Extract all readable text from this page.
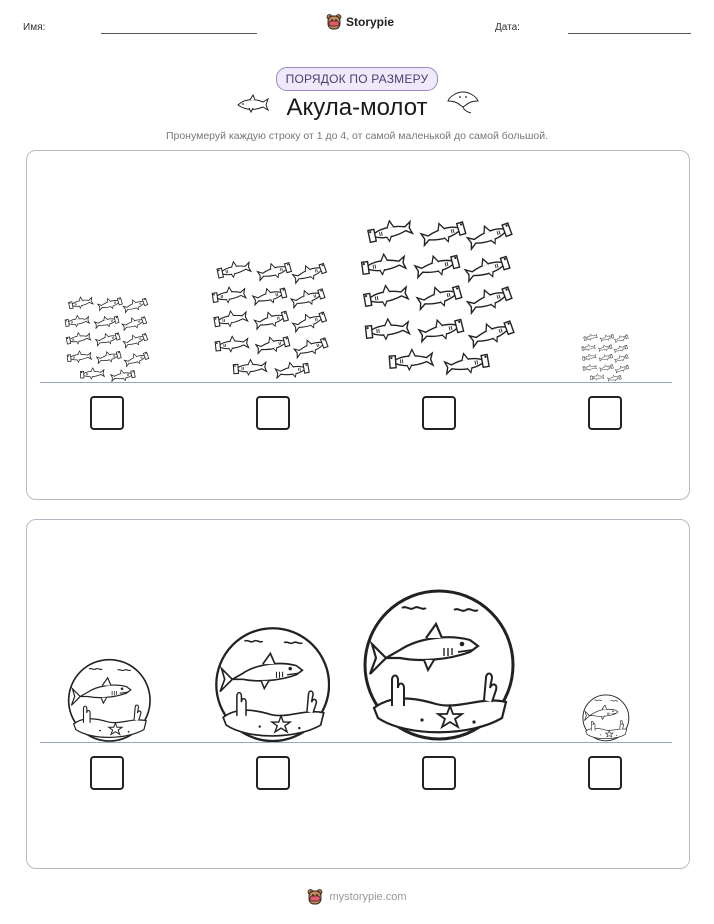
Имя:	Storypie	Дата:
ПОРЯДОК ПО РАЗМЕРУ
Акула-молот
Пронумеруй каждую строку от 1 до 4, от самой маленькой до самой большой.
mystorypie.com
